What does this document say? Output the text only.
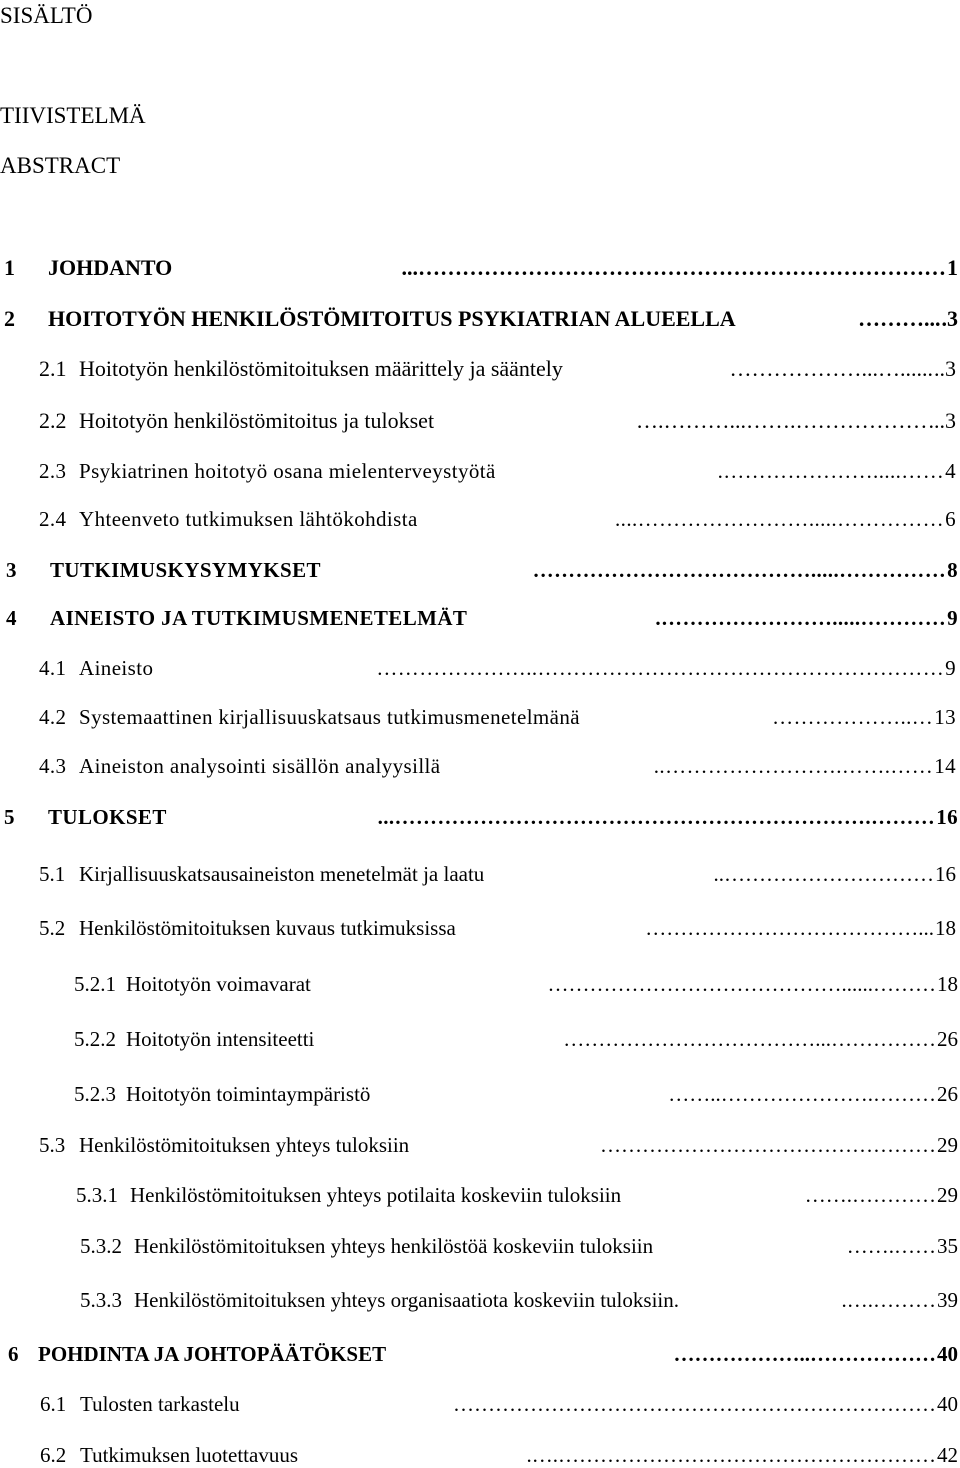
SISÄLTÖ
TIIVISTELMÄ
ABSTRACT
1	JOHDANTO	………………………………………………………………... 1
2	HOITOTYÖN HENKILÖSTÖMITOITUS PSYKIATRIAN ALUEELLA	...……… .3
2.1 Hoitotyön henkilöstömitoituksen määrittely ja sääntely	......…...……………… ..3
2.2 Hoitotyön henkilöstömitoitus ja tulokset	……………….……...……….… ...3
2.3 Psykiatrinen hoitotyö osana mielenterveystyötä	…….....…………………. 4
2.4 Yhteenveto tutkimuksen lähtökohdista	…………….....…………………….... 6
3	TUTKIMUSKYSYMYKSET	…………….....………………………………… 8
4	AINEISTO JA TUTKIMUSMENETELMÄT	………….....……………………. 9
4.1 Aineisto	…………………………………………………..………………… 9
4.2 Systemaattinen kirjallisuuskatsaus tutkimusmenetelmänä	…..……………… 13
4.3 Aineiston analysointi sisällön analyysillä	…….…….…………………….. 14
5	TULOKSET	……….…………………………………………………………... 16
5.1 Kirjallisuuskatsausaineiston menetelmät ja laatu	………………………….. 16
5.2 Henkilöstömitoituksen kuvaus tutkimuksissa	...………………………………… 18
5.2.1 Hoitotyön voimavarat	………......…………………………………… 18
5.2.2 Hoitotyön intensiteetti	……………...……………………………… 26
5.2.3 Hoitotyön toimintaympäristö	……….…………………..…… 26
5.3 Henkilöstömitoituksen yhteys tuloksiin	………………………………………… 29
5.3.1 Henkilöstömitoituksen yhteys potilaita koskeviin tuloksiin	………….…… 29
5.3.2 Henkilöstömitoituksen yhteys henkilöstöä koskeviin tuloksiin	…….…… 35
5.3.3 Henkilöstömitoituksen yhteys organisaatiota koskeviin tuloksiin.	……….…. 39
6 POHDINTA JA JOHTOPÄÄTÖKSET	………………..……………… 40
6.1 Tulosten tarkastelu	…………………………………………………………… 40
6.2 Tutkimuksen luotettavuus	……………………………………………….…. 42
